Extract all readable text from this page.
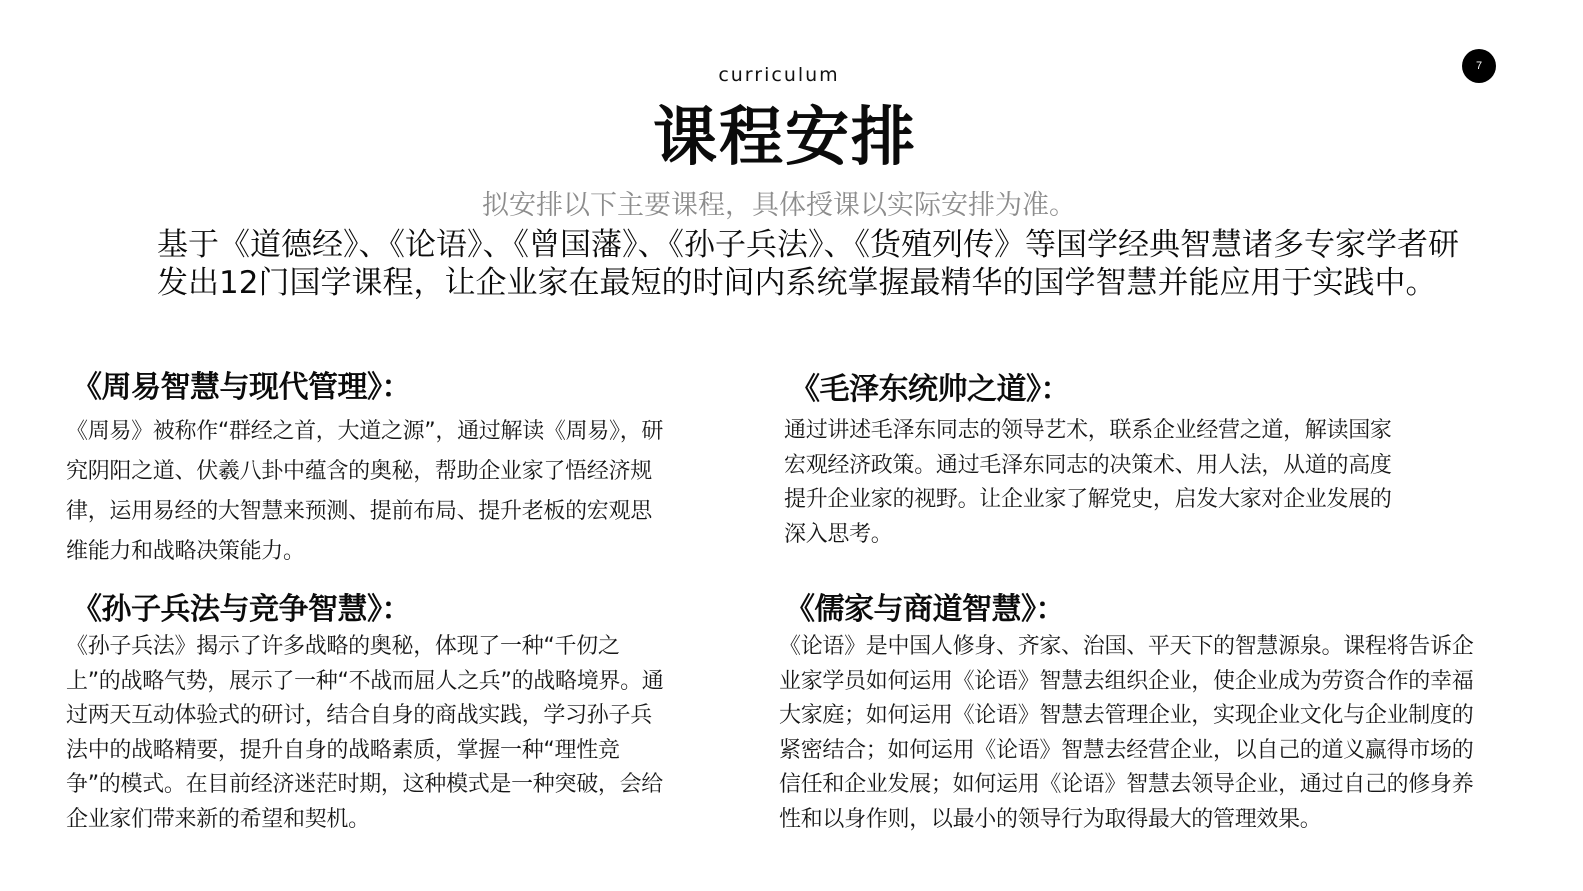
7
curriculum
课程安排
拟安排以下主要课程，具体授课以实际安排为准。
基于《道德经》、《论语》、《曾国藩》、《孙子兵法》、《货殖列传》等国学经典智慧诸多专家学者研发出12门国学课程，让企业家在最短的时间内系统掌握最精华的国学智慧并能应用于实践中。
《周易智慧与现代管理》：

《周易》被称作“群经之首，大道之源”，通过解读《周易》，研究阴阳之道、伏羲八卦中蕴含的奥秘，帮助企业家了悟经济规律，运用易经的大智慧来预测、提前布局、提升老板的宏观思维能力和战略决策能力。

《毛泽东统帅之道》：

通过讲述毛泽东同志的领导艺术，联系企业经营之道，解读国家宏观经济政策。通过毛泽东同志的决策术、用人法，从道的高度提升企业家的视野。让企业家了解党史，启发大家对企业发展的深入思考。

《孙子兵法与竞争智慧》：

《孙子兵法》揭示了许多战略的奥秘，体现了一种“千仞之上”的战略气势，展示了一种“不战而屈人之兵”的战略境界。通过两天互动体验式的研讨，结合自身的商战实践，学习孙子兵法中的战略精要，提升自身的战略素质，掌握一种“理性竞争”的模式。在目前经济迷茫时期，这种模式是一种突破，会给企业家们带来新的希望和契机。

《儒家与商道智慧》：

《论语》是中国人修身、齐家、治国、平天下的智慧源泉。课程将告诉企业家学员如何运用《论语》智慧去组织企业，使企业成为劳资合作的幸福大家庭；如何运用《论语》智慧去管理企业，实现企业文化与企业制度的紧密结合；如何运用《论语》智慧去经营企业，以自己的道义赢得市场的信任和企业发展；如何运用《论语》智慧去领导企业，通过自己的修身养性和以身作则，以最小的领导行为取得最大的管理效果。
